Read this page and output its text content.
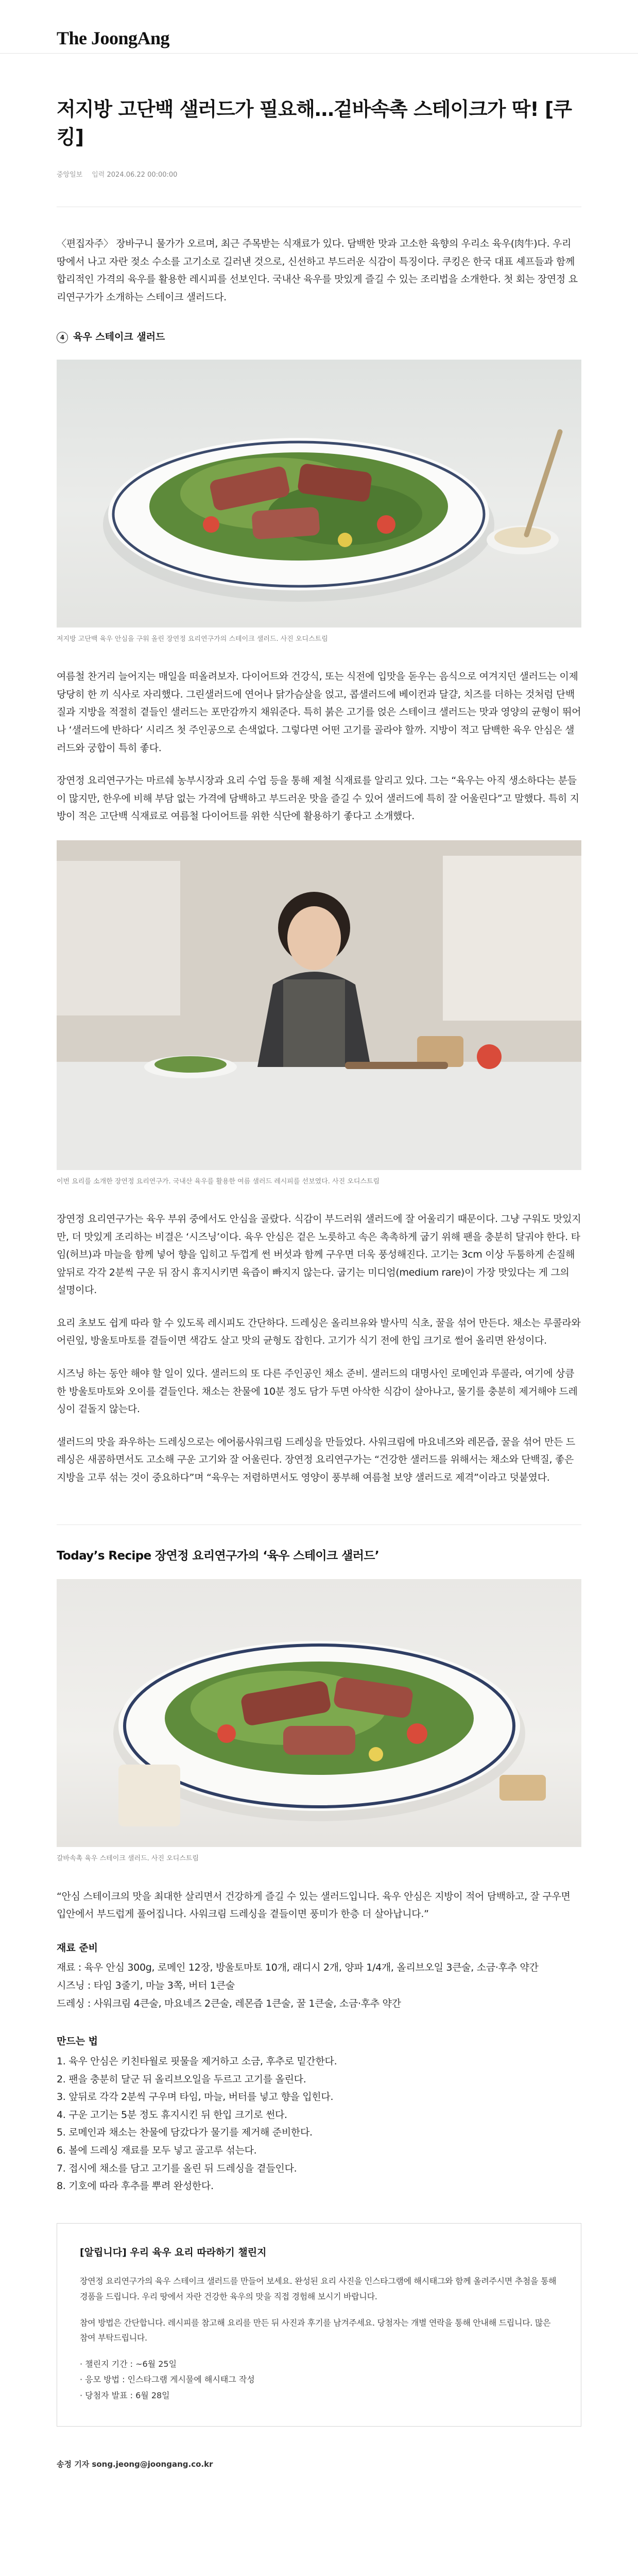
The JoongAng
저지방 고단백 샐러드가 필요해…겉바속촉 스테이크가 딱! [쿠킹]
중앙일보 입력 2024.06.22 00:00:00

〈편집자주〉 장바구니 물가가 오르며, 최근 주목받는 식재료가 있다. 담백한 맛과 고소한 육향의 우리소 육우(肉牛)다. 우리 땅에서 나고 자란 젖소 수소를 고기소로 길러낸 것으로, 신선하고 부드러운 식감이 특징이다. 쿠킹은 한국 대표 셰프들과 함께 합리적인 가격의 육우를 활용한 레시피를 선보인다. 국내산 육우를 맛있게 즐길 수 있는 조리법을 소개한다. 첫 회는 장연정 요리연구가가 소개하는 스테이크 샐러드다.

4 육우 스테이크 샐러드
저지방 고단백 육우 안심을 구워 올린 장연정 요리연구가의 스테이크 샐러드. 사진 오디스트림

여름철 찬거리 늘어지는 매일을 떠올려보자. 다이어트와 건강식, 또는 식전에 입맛을 돋우는 음식으로 여겨지던 샐러드는 이제 당당히 한 끼 식사로 자리했다. 그린샐러드에 연어나 닭가슴살을 얹고, 콥샐러드에 베이컨과 달걀, 치즈를 더하는 것처럼 단백질과 지방을 적절히 곁들인 샐러드는 포만감까지 채워준다. 특히 붉은 고기를 얹은 스테이크 샐러드는 맛과 영양의 균형이 뛰어나 ‘샐러드에 반하다’ 시리즈 첫 주인공으로 손색없다. 그렇다면 어떤 고기를 골라야 할까. 지방이 적고 담백한 육우 안심은 샐러드와 궁합이 특히 좋다.

장연정 요리연구가는 마르쉐 농부시장과 요리 수업 등을 통해 제철 식재료를 알리고 있다. 그는 “육우는 아직 생소하다는 분들이 많지만, 한우에 비해 부담 없는 가격에 담백하고 부드러운 맛을 즐길 수 있어 샐러드에 특히 잘 어울린다”고 말했다. 특히 지방이 적은 고단백 식재료로 여름철 다이어트를 위한 식단에 활용하기 좋다고 소개했다.

이번 요리를 소개한 장연정 요리연구가. 국내산 육우를 활용한 여름 샐러드 레시피를 선보였다. 사진 오디스트림

장연정 요리연구가는 육우 부위 중에서도 안심을 골랐다. 식감이 부드러워 샐러드에 잘 어울리기 때문이다. 그냥 구워도 맛있지만, 더 맛있게 조리하는 비결은 ‘시즈닝’이다. 육우 안심은 겉은 노릇하고 속은 촉촉하게 굽기 위해 팬을 충분히 달궈야 한다. 타임(허브)과 마늘을 함께 넣어 향을 입히고 두껍게 썬 버섯과 함께 구우면 더욱 풍성해진다. 고기는 3cm 이상 두툼하게 손질해 앞뒤로 각각 2분씩 구운 뒤 잠시 휴지시키면 육즙이 빠지지 않는다. 굽기는 미디엄(medium rare)이 가장 맛있다는 게 그의 설명이다.

요리 초보도 쉽게 따라 할 수 있도록 레시피도 간단하다. 드레싱은 올리브유와 발사믹 식초, 꿀을 섞어 만든다. 채소는 루콜라와 어린잎, 방울토마토를 곁들이면 색감도 살고 맛의 균형도 잡힌다. 고기가 식기 전에 한입 크기로 썰어 올리면 완성이다.

시즈닝 하는 동안 해야 할 일이 있다. 샐러드의 또 다른 주인공인 채소 준비. 샐러드의 대명사인 로메인과 루콜라, 여기에 상큼한 방울토마토와 오이를 곁들인다. 채소는 찬물에 10분 정도 담가 두면 아삭한 식감이 살아나고, 물기를 충분히 제거해야 드레싱이 겉돌지 않는다.

샐러드의 맛을 좌우하는 드레싱으로는 에어룸사워크림 드레싱을 만들었다. 사워크림에 마요네즈와 레몬즙, 꿀을 섞어 만든 드레싱은 새콤하면서도 고소해 구운 고기와 잘 어울린다. 장연정 요리연구가는 “건강한 샐러드를 위해서는 채소와 단백질, 좋은 지방을 고루 섞는 것이 중요하다”며 “육우는 저렴하면서도 영양이 풍부해 여름철 보양 샐러드로 제격”이라고 덧붙였다.

Today’s Recipe 장연정 요리연구가의 ‘육우 스테이크 샐러드’
갈바속촉 육우 스테이크 샐러드. 사진 오디스트림

“안심 스테이크의 맛을 최대한 살리면서 건강하게 즐길 수 있는 샐러드입니다. 육우 안심은 지방이 적어 담백하고, 잘 구우면 입안에서 부드럽게 풀어집니다. 사워크림 드레싱을 곁들이면 풍미가 한층 더 살아납니다.”

재료 준비
재료 : 육우 안심 300g, 로메인 12장, 방울토마토 10개, 래디시 2개, 양파 1/4개, 올리브오일 3큰술, 소금·후추 약간
시즈닝 : 타임 3줄기, 마늘 3쪽, 버터 1큰술
드레싱 : 사워크림 4큰술, 마요네즈 2큰술, 레몬즙 1큰술, 꿀 1큰술, 소금·후추 약간
만드는 법
1. 육우 안심은 키친타월로 핏물을 제거하고 소금, 후추로 밑간한다.
2. 팬을 충분히 달군 뒤 올리브오일을 두르고 고기를 올린다.
3. 앞뒤로 각각 2분씩 구우며 타임, 마늘, 버터를 넣고 향을 입힌다.
4. 구운 고기는 5분 정도 휴지시킨 뒤 한입 크기로 썬다.
5. 로메인과 채소는 찬물에 담갔다가 물기를 제거해 준비한다.
6. 볼에 드레싱 재료를 모두 넣고 골고루 섞는다.
7. 접시에 채소를 담고 고기를 올린 뒤 드레싱을 곁들인다.
8. 기호에 따라 후추를 뿌려 완성한다.
[알립니다] 우리 육우 요리 따라하기 챌린지

장연정 요리연구가의 육우 스테이크 샐러드를 만들어 보세요. 완성된 요리 사진을 인스타그램에 해시태그와 함께 올려주시면 추첨을 통해 경품을 드립니다. 우리 땅에서 자란 건강한 육우의 맛을 직접 경험해 보시기 바랍니다.

참여 방법은 간단합니다. 레시피를 참고해 요리를 만든 뒤 사진과 후기를 남겨주세요. 당첨자는 개별 연락을 통해 안내해 드립니다. 많은 참여 부탁드립니다.

· 챌린지 기간 : ~6월 25일
· 응모 방법 : 인스타그램 게시물에 해시태그 작성
· 당첨자 발표 : 6월 28일
송정 기자 song.jeong@joongang.co.kr
